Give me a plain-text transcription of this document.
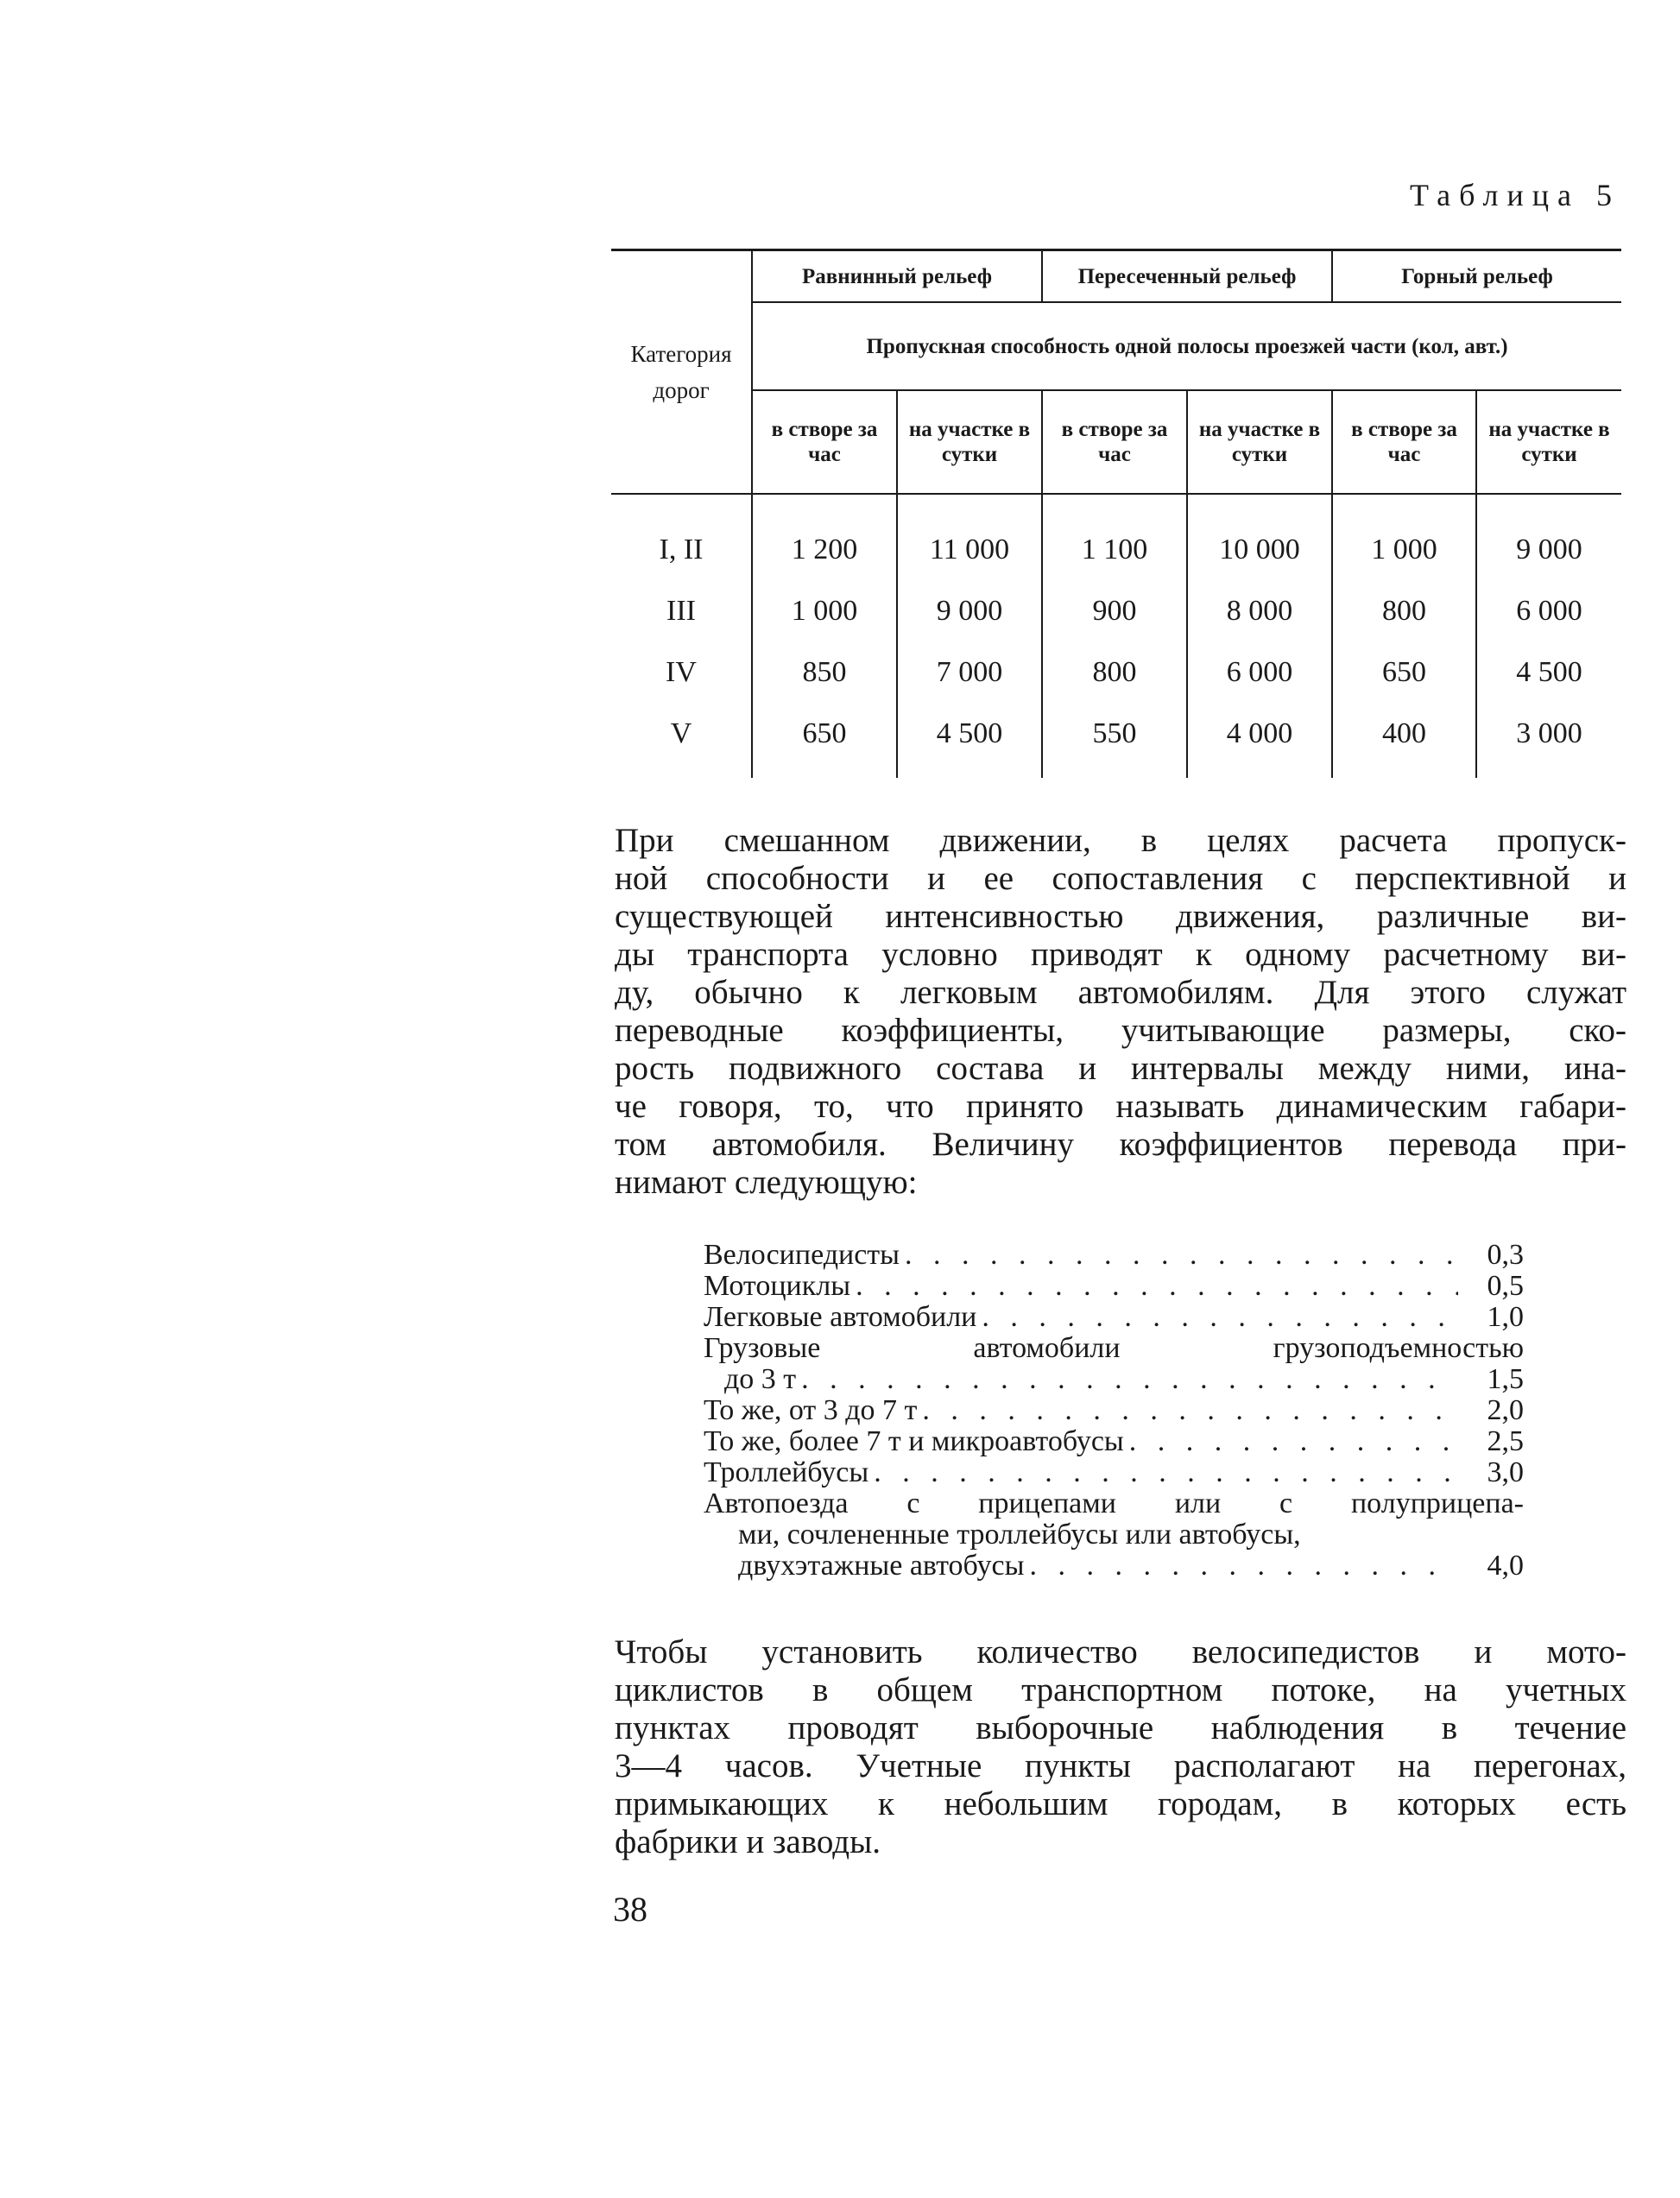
Таблица 5
Категория дорог	Равнинный рельеф		Пересеченный рельеф		Горный рельеф	
	Пропускная способность одной полосы проезжей части (кол, авт.)					
	в створе за час	на участке в сутки	в створе за час	на участке в сутки	в створе за час	на участке в сутки
I, II	1 200	11 000	1 100	10 000	1 000	9 000
III	1 000	9 000	900	8 000	800	6 000
IV	850	7 000	800	6 000	650	4 500
V	650	4 500	550	4 000	400	3 000
При смешанном движении, в целях расчета пропуск-
ной способности и ее сопоставления с перспективной и
существующей интенсивностью движения, различные ви-
ды транспорта условно приводят к одному расчетному ви-
ду, обычно к легковым автомобилям. Для этого служат
переводные коэффициенты, учитывающие размеры, ско-
рость подвижного состава и интервалы между ними, ина-
че говоря, то, что принято называть динамическим габари-
том автомобиля. Величину коэффициентов перевода при-
нимают следующую:
Велосипедисты . . .	0,3
Мотоциклы . . .	0,5
Легковые автомобили . . .	1,0
Грузовые автомобили грузоподъемностью
до 3 т . . .	1,5
То же, от 3 до 7 т . . .	2,0
То же, более 7 т и микроавтобусы . . .	2,5
Троллейбусы . . .	3,0
Автопоезда с прицепами или с полуприцепа-
ми, сочлененные троллейбусы или автобусы,
двухэтажные автобусы . . .	4,0
Чтобы установить количество велосипедистов и мото-
циклистов в общем транспортном потоке, на учетных
пунктах проводят выборочные наблюдения в течение
3—4 часов. Учетные пункты располагают на перегонах,
примыкающих к небольшим городам, в которых есть
фабрики и заводы.
38
